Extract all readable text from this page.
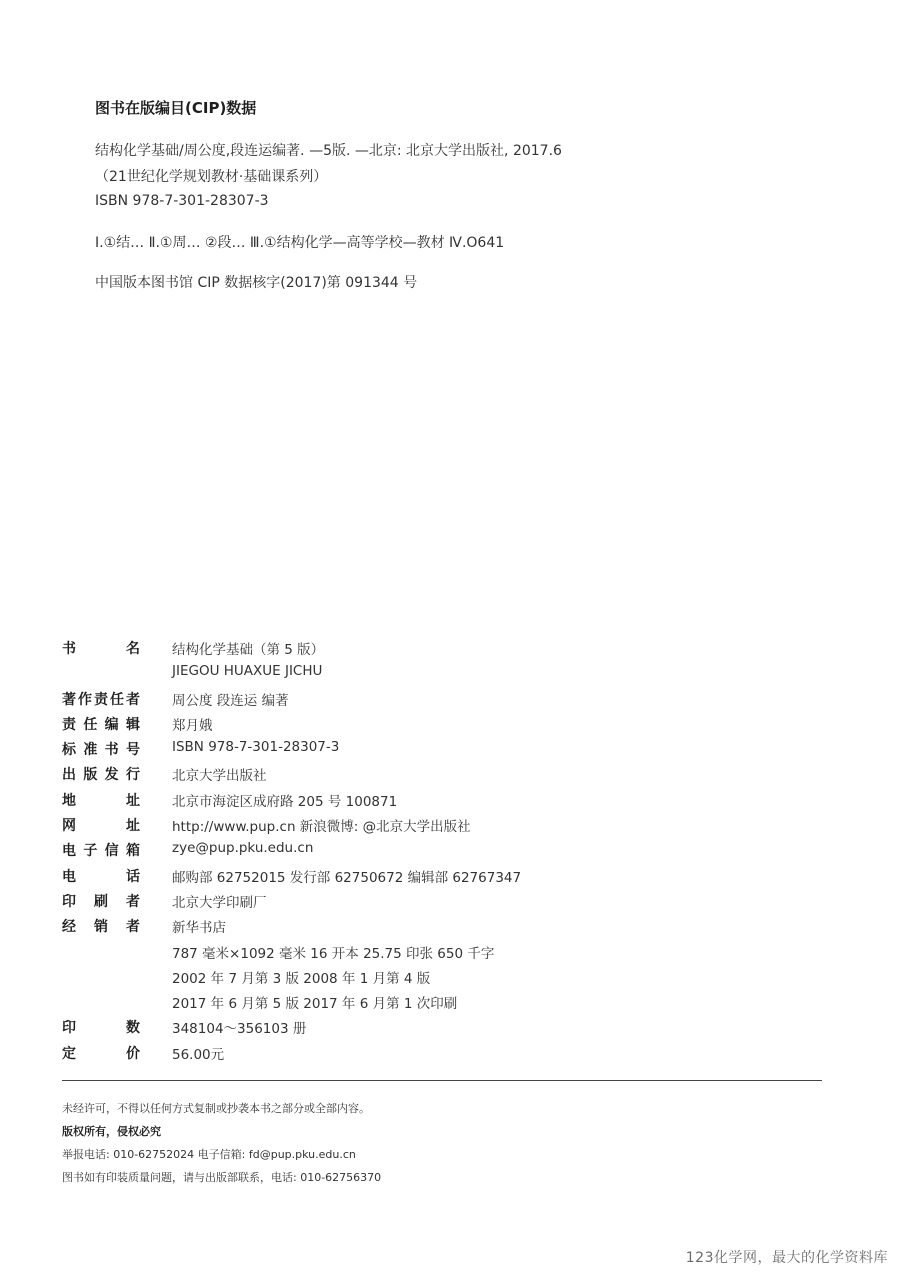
图书在版编目(CIP)数据
结构化学基础/周公度,段连运编著. —5版. —北京: 北京大学出版社, 2017.6
（21世纪化学规划教材·基础课系列）
ISBN 978-7-301-28307-3
Ⅰ.①结… Ⅱ.①周… ②段… Ⅲ.①结构化学—高等学校—教材 Ⅳ.O641
中国版本图书馆 CIP 数据核字(2017)第 091344 号
书	名 结构化学基础（第 5 版）
JIEGOU HUAXUE JICHU
著 作 责 任 者 周公度 段连运 编著
责 任 编 辑 郑月娥
标 准 书 号 ISBN 978-7-301-28307-3
出 版 发 行 北京大学出版社
地	址 北京市海淀区成府路 205 号 100871
网	址 http://www.pup.cn 新浪微博: @北京大学出版社
电 子 信 箱 zye@pup.pku.edu.cn
电	话 邮购部 62752015 发行部 62750672 编辑部 62767347
印 刷 者 北京大学印刷厂
经 销 者 新华书店
787 毫米×1092 毫米 16 开本 25.75 印张 650 千字
2002 年 7 月第 3 版 2008 年 1 月第 4 版
2017 年 6 月第 5 版 2017 年 6 月第 1 次印刷
印	数 348104～356103 册
定	价 56.00元
未经许可，不得以任何方式复制或抄袭本书之部分或全部内容。
版权所有，侵权必究
举报电话: 010-62752024 电子信箱: fd@pup.pku.edu.cn
图书如有印装质量问题，请与出版部联系，电话: 010-62756370
123化学网，最大的化学资料库
